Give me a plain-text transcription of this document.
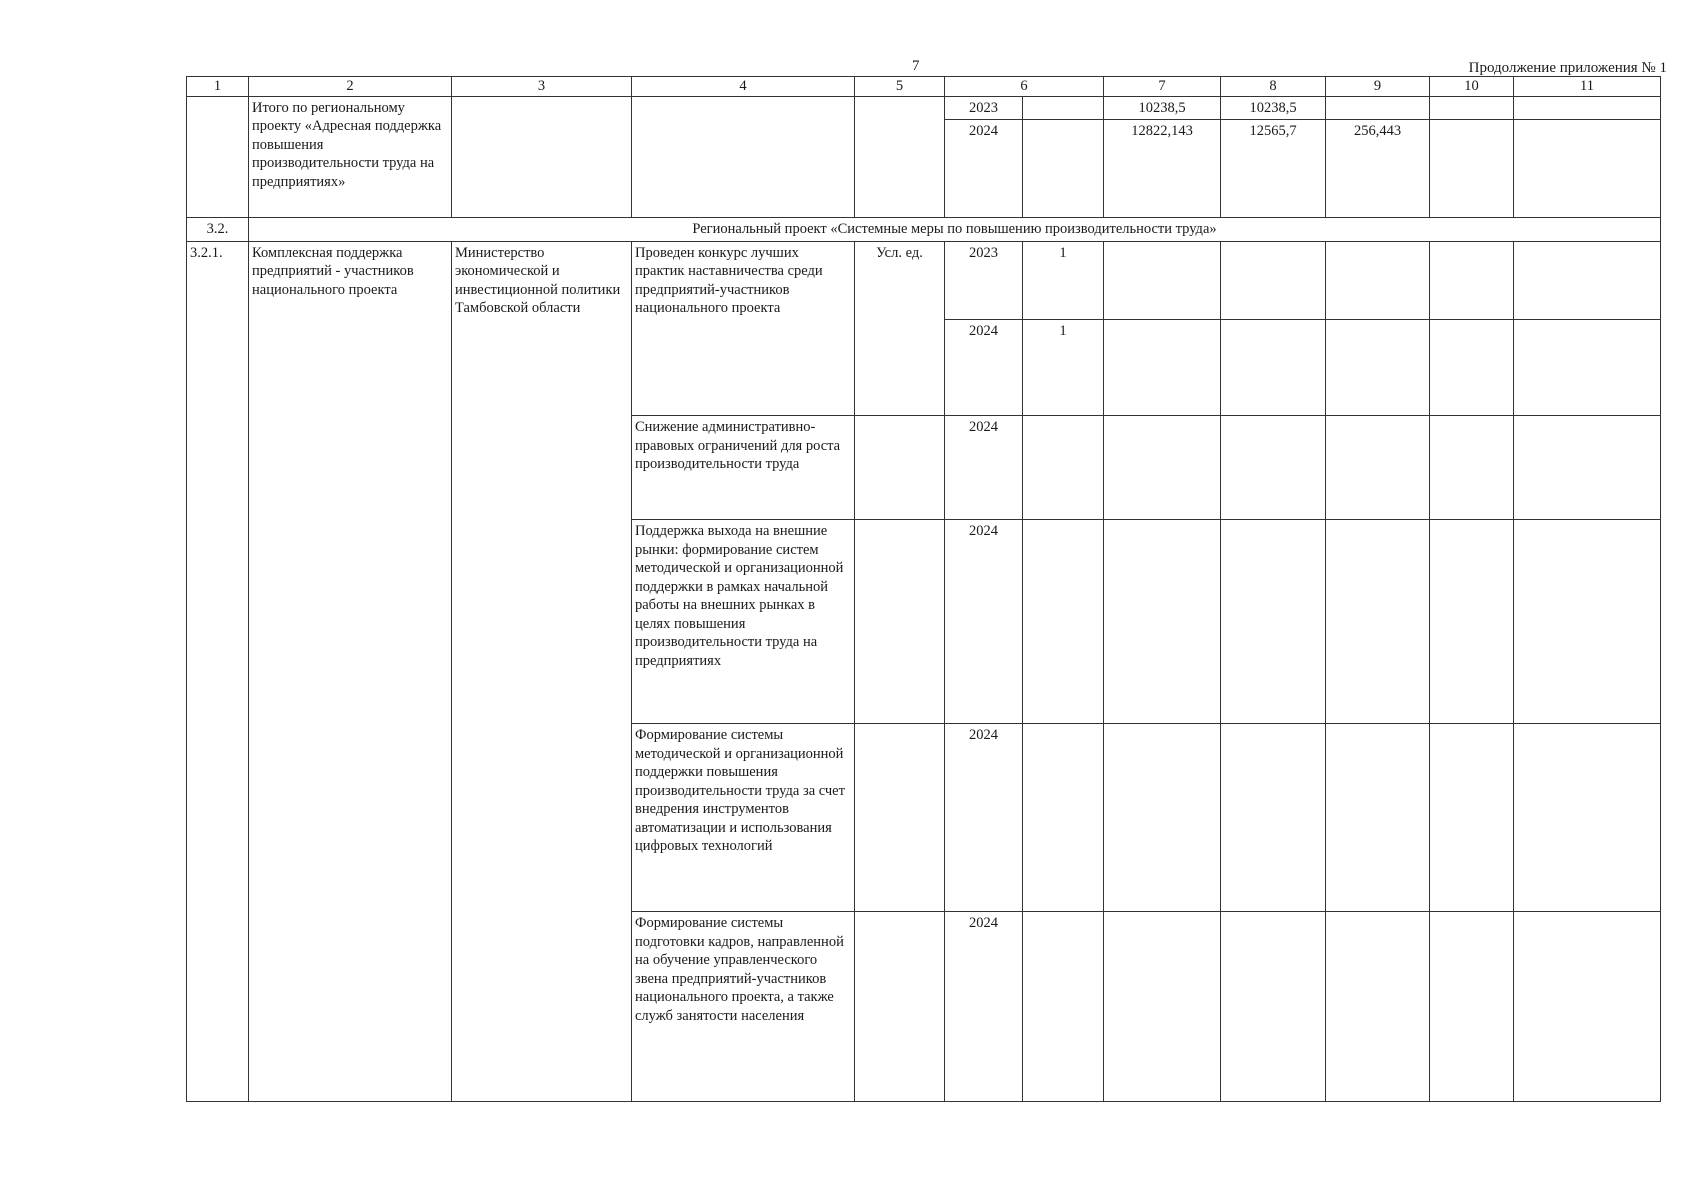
7	Продолжение приложения № 1
1	2	3	4	5	6		7	8	9	10	11
	Итого по региональному проекту «Адресная поддержка повышения производительности труда на предприятиях»				2023		10238,5	10238,5			
					2024		12822,143	12565,7	256,443		
3.2.	Региональный проект «Системные меры по повышению производительности труда»										
3.2.1.	Комплексная поддержка предприятий - участников национального проекта	Министерство экономической и инвестиционной политики Тамбовской области	Проведен конкурс лучших практик наставничества среди предприятий-участников национального проекта	Усл. ед.	2023	1					
					2024	1					
			Снижение административно-правовых ограничений для роста производительности труда		2024						
			Поддержка выхода на внешние рынки: формирование систем методической и организационной поддержки в рамках начальной работы на внешних рынках в целях повышения производительности труда на предприятиях		2024						
			Формирование системы методической и организационной поддержки повышения производительности труда за счет внедрения инструментов автоматизации и использования цифровых технологий		2024						
			Формирование системы подготовки кадров, направленной на обучение управленческого звена предприятий-участников национального проекта, а также служб занятости населения		2024						
